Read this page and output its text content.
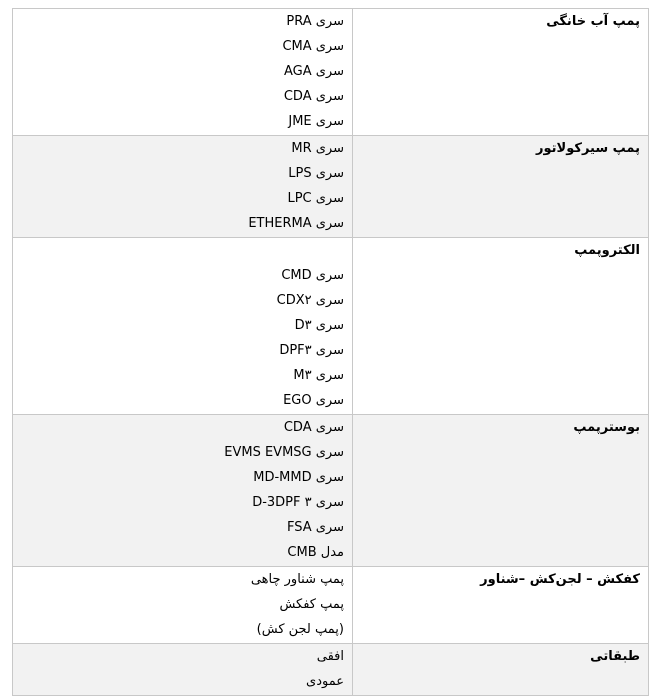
پمپ آب خانگی
سری PRA
سری CMA
سری AGA
سری CDA
سری JME
پمپ سیرکولاتور
سری MR
سری LPS
سری LPC
سری ETHERMA
الکتروپمپ
سری CMD
سری CDX۲
سری D۳
سری DPF۳
سری M۳
سری EGO
بوسترپمپ
سری CDA
سری EVMS EVMSG
سری MD-MMD
سری D-3DPF ۳
سری FSA
مدل CMB
کفکش – لجن‌کش –شناور
پمپ شناور چاهی
پمپ کفکش
(پمپ لجن کش)
طبقاتی
افقی
عمودی
